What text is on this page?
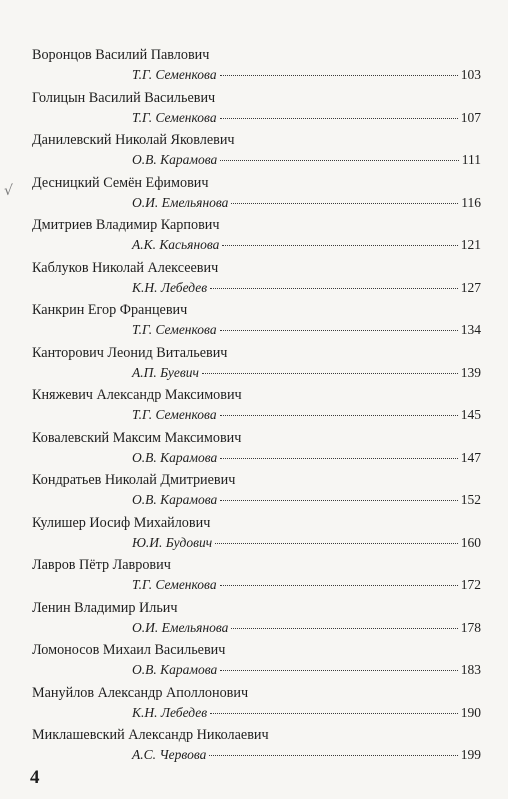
Воронцов Василий Павлович
Т.Г. Семенкова	103
Голицын Василий Васильевич
Т.Г. Семенкова	107
Данилевский Николай Яковлевич
О.В. Карамова	111
Десницкий Семён Ефимович
О.И. Емельянова	116
Дмитриев Владимир Карпович
А.К. Касьянова	121
Каблуков Николай Алексеевич
К.Н. Лебедев	127
Канкрин Егор Францевич
Т.Г. Семенкова	134
Канторович Леонид Витальевич
А.П. Буевич	139
Княжевич Александр Максимович
Т.Г. Семенкова	145
Ковалевский Максим Максимович
О.В. Карамова	147
Кондратьев Николай Дмитриевич
О.В. Карамова	152
Кулишер Иосиф Михайлович
Ю.И. Будович	160
Лавров Пётр Лаврович
Т.Г. Семенкова	172
Ленин Владимир Ильич
О.И. Емельянова	178
Ломоносов Михаил Васильевич
О.В. Карамова	183
Мануйлов Александр Аполлонович
К.Н. Лебедев	190
Миклашевский Александр Николаевич
А.С. Червова	199
√
4
